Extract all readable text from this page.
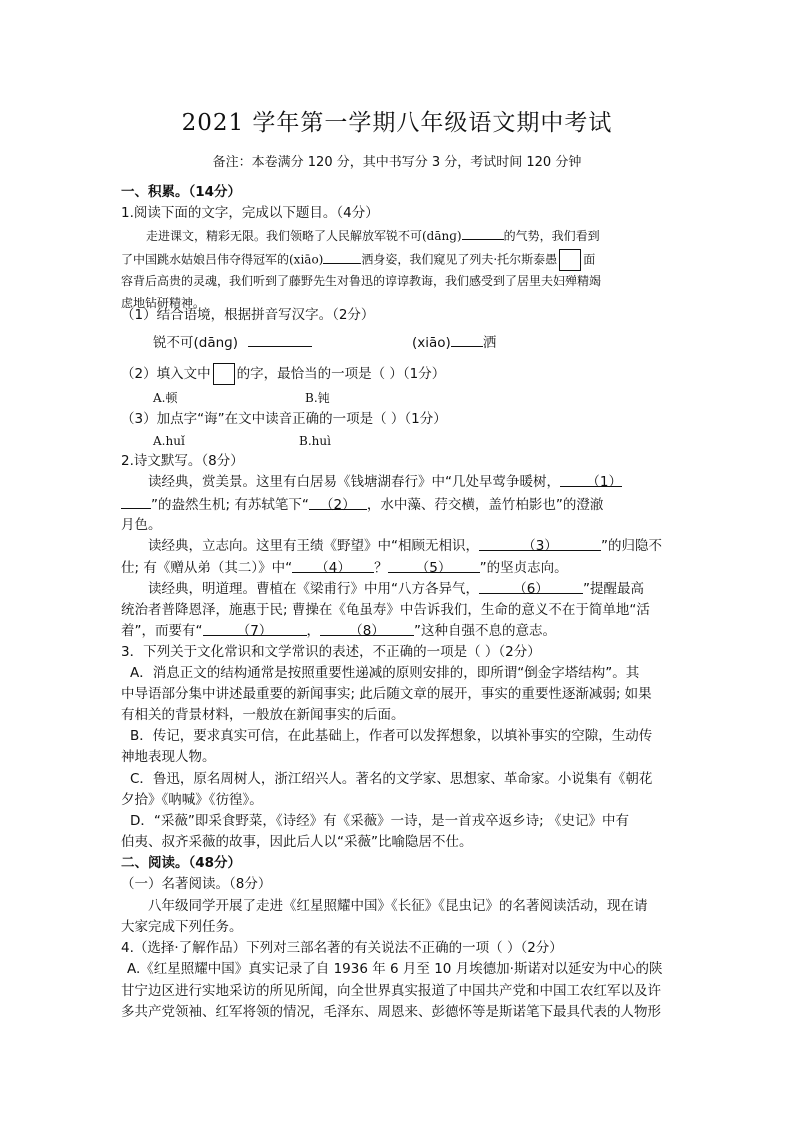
2021 学年第一学期八年级语文期中考试
备注：本卷满分 120 分，其中书写分 3 分，考试时间 120 分钟
一、积累。（14分）
1.阅读下面的文字，完成以下题目。（4分）
走进课文，精彩无限。我们领略了人民解放军锐不可(dānɡ)	的气势，我们看到
了中国跳水姑娘吕伟夺得冠军的(xiāo)	洒身姿，我们窥见了列夫·托尔斯泰愚 面
容背后高贵的灵魂，我们听到了藤野先生对鲁迅的谆谆教诲，我们感受到了居里夫妇殚精竭
虑地钻研精神。
（1）结合语境，根据拼音写汉字。（2分）
锐不可(dānɡ)	(xiāo) 洒
（2）填入文中 的字，最恰当的一项是（ ）（1分）
A.顿	B.钝
（3）加点字“诲”在文中读音正确的一项是（ ）（1分）
A.huǐ	B.huì
2.诗文默写。（8分）
读经典，赏美景。这里有白居易《钱塘湖春行》中“几处早莺争暖树， （1）
”的盎然生机; 有苏轼笔下“ （2） ，水中藻、荇交横，盖竹柏影也”的澄澈
月色。
读经典，立志向。这里有王绩《野望》中“相顾无相识，	（3）	”的归隐不
仕; 有《赠从弟（其二）》中“ （4） ？ （5） ”的坚贞志向。
读经典，明道理。曹植在《梁甫行》中用“八方各异气，	（6）	”提醒最高
统治者普降恩泽，施惠于民; 曹操在《龟虽寿》中告诉我们，生命的意义不在于简单地“活
着”，而要有“	（7）	， （8） ”这种自强不息的意志。
3．下列关于文化常识和文学常识的表述，不正确的一项是（ ）（2分）
A．消息正文的结构通常是按照重要性递减的原则安排的，即所谓“倒金字塔结构”。其
中导语部分集中讲述最重要的新闻事实; 此后随文章的展开，事实的重要性逐渐减弱; 如果
有相关的背景材料，一般放在新闻事实的后面。
B．传记，要求真实可信，在此基础上，作者可以发挥想象，以填补事实的空隙，生动传
神地表现人物。
C．鲁迅，原名周树人，浙江绍兴人。著名的文学家、思想家、革命家。小说集有《朝花
夕拾》《呐喊》《彷徨》。
D．“采薇”即采食野菜，《诗经》有《采薇》一诗，是一首戎卒返乡诗; 《史记》中有
伯夷、叔齐采薇的故事，因此后人以“采薇”比喻隐居不仕。
二、阅读。（48分）
（一）名著阅读。（8分）
八年级同学开展了走进《红星照耀中国》《长征》《昆虫记》的名著阅读活动，现在请
大家完成下列任务。
4.（选择·了解作品）下列对三部名著的有关说法不正确的一项（ ）（2分）
A.《红星照耀中国》真实记录了自 1936 年 6 月至 10 月埃德加·斯诺对以延安为中心的陕
甘宁边区进行实地采访的所见所闻，向全世界真实报道了中国共产党和中国工农红军以及许
多共产党领袖、红军将领的情况，毛泽东、周恩来、彭德怀等是斯诺笔下最具代表的人物形
